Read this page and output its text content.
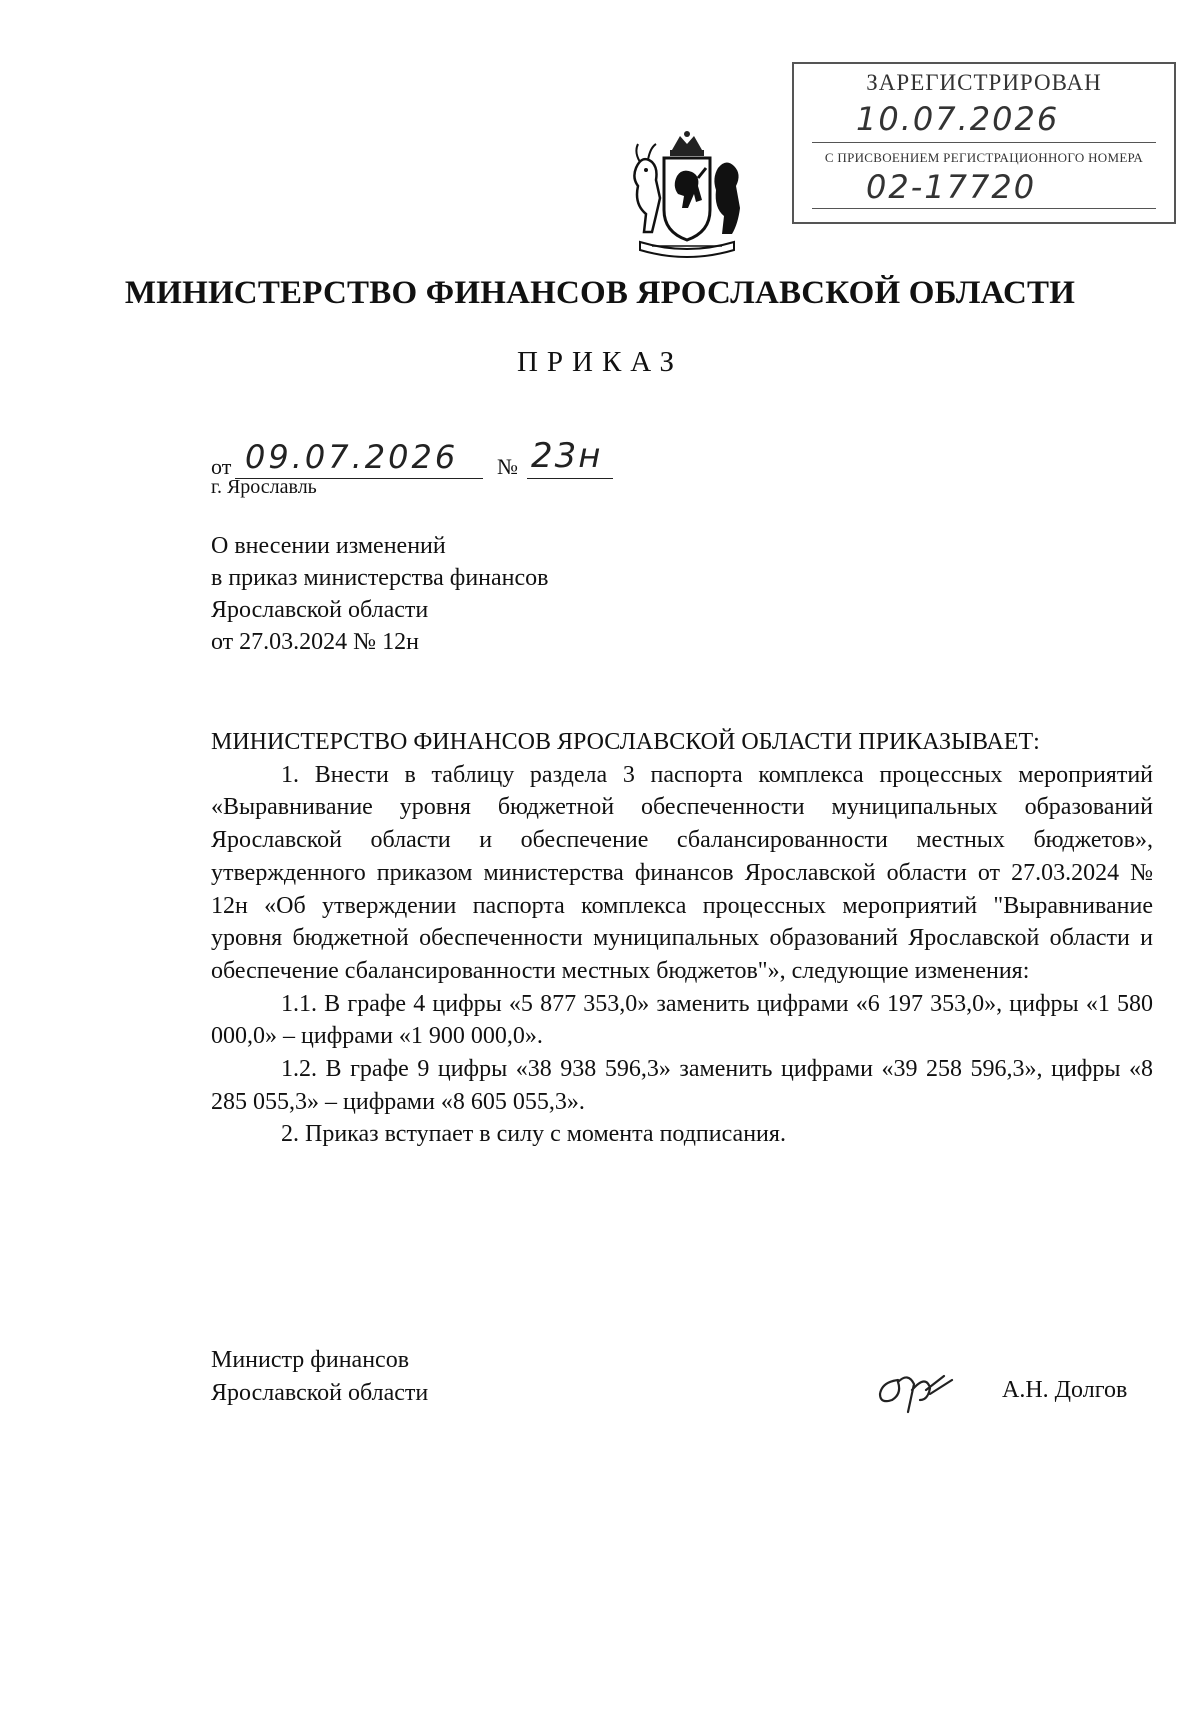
ЗАРЕГИСТРИРОВАН
10.07.2026
С ПРИСВОЕНИЕМ РЕГИСТРАЦИОННОГО НОМЕРА
02-17720
МИНИСТЕРСТВО ФИНАНСОВ ЯРОСЛАВСКОЙ ОБЛАСТИ
ПРИКАЗ
от 09.07.2026	№ 23н
г. Ярославль
О внесении изменений
в приказ министерства финансов
Ярославской области
от 27.03.2024 № 12н

МИНИСТЕРСТВО ФИНАНСОВ ЯРОСЛАВСКОЙ ОБЛАСТИ ПРИКАЗЫВАЕТ:

1. Внести в таблицу раздела 3 паспорта комплекса процессных мероприятий «Выравнивание уровня бюджетной обеспеченности муниципальных образований Ярославской области и обеспечение сбалансированности местных бюджетов», утвержденного приказом министерства финансов Ярославской области от 27.03.2024 № 12н «Об утверждении паспорта комплекса процессных мероприятий "Выравнивание уровня бюджетной обеспеченности муниципальных образований Ярославской области и обеспечение сбалансированности местных бюджетов"», следующие изменения:

1.1. В графе 4 цифры «5 877 353,0» заменить цифрами «6 197 353,0», цифры «1 580 000,0» – цифрами «1 900 000,0».

1.2. В графе 9 цифры «38 938 596,3» заменить цифрами «39 258 596,3», цифры «8 285 055,3» – цифрами «8 605 055,3».

2. Приказ вступает в силу с момента подписания.

Министр финансов
Ярославской области	А.Н. Долгов
